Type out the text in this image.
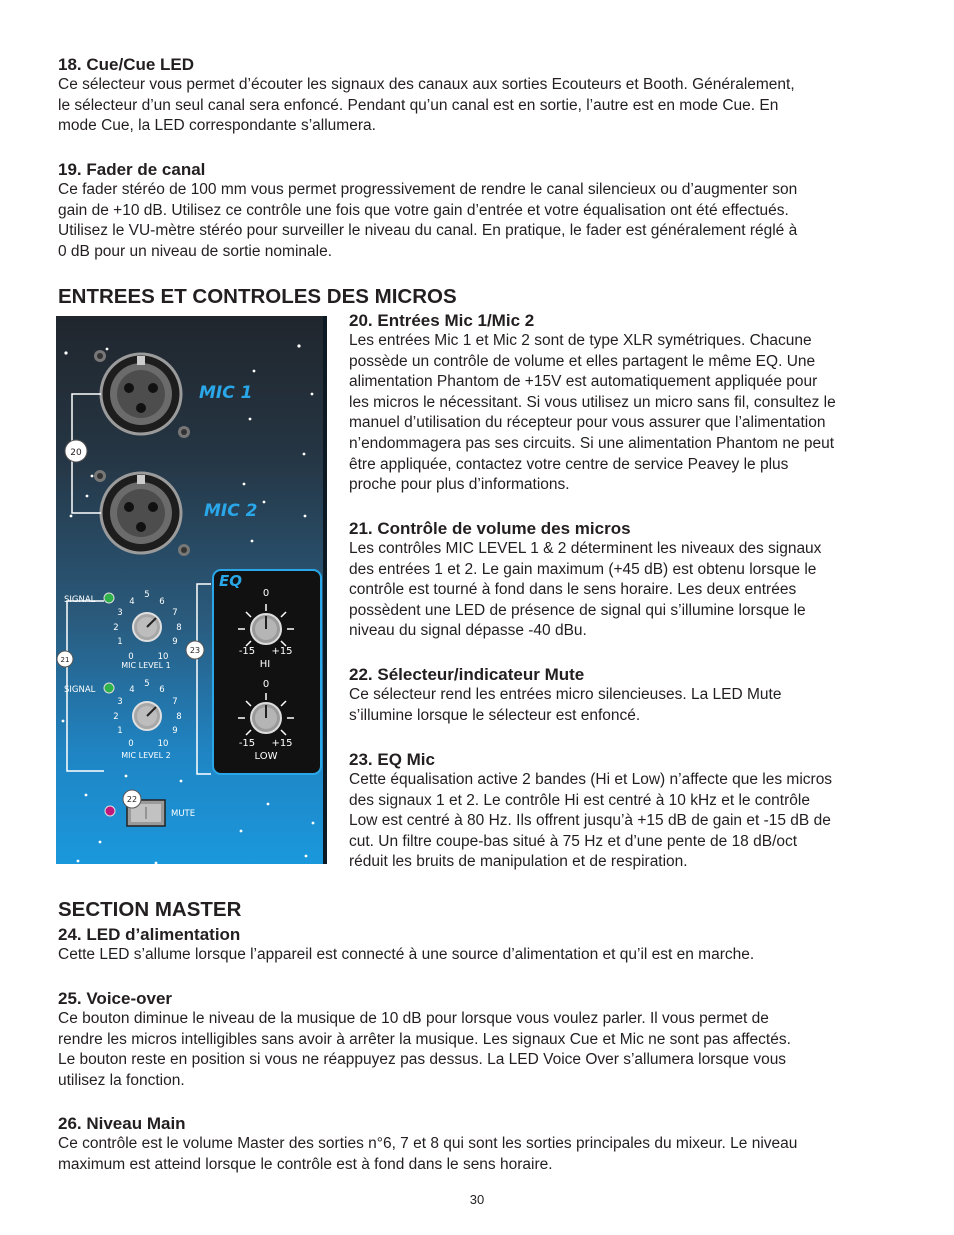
18. Cue/Cue LED

Ce sélecteur vous permet d’écouter les signaux des canaux aux sorties Ecouteurs et Booth. Généralement,

le sélecteur d’un seul canal sera enfoncé. Pendant qu’un canal est en sortie, l’autre est en mode Cue. En

mode Cue, la LED correspondante s’allumera.

19. Fader de canal

Ce fader stéréo de 100 mm vous permet progressivement de rendre le canal silencieux ou d’augmenter son

gain de +10 dB. Utilisez ce contrôle une fois que votre gain d’entrée et votre équalisation ont été effectués.

Utilisez le VU-mètre stéréo pour surveiller le niveau du canal. En pratique, le fader est généralement réglé à

0 dB pour un niveau de sortie nominale.

ENTREES ET CONTROLES DES MICROS
MIC 1
MIC 2
20
EQ
23
0
-15 +15
HI
0
-15 +15
LOW
21
SIGNAL
0
1
2
3
4
5
6
7
8
9
10
MIC LEVEL 1
SIGNAL
0
1
2
3
4
5
6
7
8
9
10
MIC LEVEL 2
22
MUTE
20. Entrées Mic 1/Mic 2

Les entrées Mic 1 et Mic 2 sont de type XLR symétriques. Chacune

possède un contrôle de volume et elles partagent le même EQ. Une

alimentation Phantom de +15V est automatiquement appliquée pour

les micros le nécessitant. Si vous utilisez un micro sans fil, consultez le

manuel d’utilisation du récepteur pour vous assurer que l’alimentation

n’endommagera pas ses circuits. Si une alimentation Phantom ne peut

être appliquée, contactez votre centre de service Peavey le plus

proche pour plus d’informations.

21. Contrôle de volume des micros

Les contrôles MIC LEVEL 1 & 2 déterminent les niveaux des signaux

des entrées 1 et 2. Le gain maximum (+45 dB) est obtenu lorsque le

contrôle est tourné à fond dans le sens horaire. Les deux entrées

possèdent une LED de présence de signal qui s’illumine lorsque le

niveau du signal dépasse -40 dBu.

22. Sélecteur/indicateur Mute

Ce sélecteur rend les entrées micro silencieuses. La LED Mute

s’illumine lorsque le sélecteur est enfoncé.

23. EQ Mic

Cette équalisation active 2 bandes (Hi et Low) n’affecte que les micros

des signaux 1 et 2. Le contrôle Hi est centré à 10 kHz et le contrôle

Low est centré à 80 Hz. Ils offrent jusqu’à +15 dB de gain et -15 dB de

cut. Un filtre coupe-bas situé à 75 Hz et d’une pente de 18 dB/oct

réduit les bruits de manipulation et de respiration.

SECTION MASTER
24. LED d’alimentation

Cette LED s’allume lorsque l’appareil est connecté à une source d’alimentation et qu’il est en marche.

25. Voice-over

Ce bouton diminue le niveau de la musique de 10 dB pour lorsque vous voulez parler. Il vous permet de

rendre les micros intelligibles sans avoir à arrêter la musique. Les signaux Cue et Mic ne sont pas affectés.

Le bouton reste en position si vous ne réappuyez pas dessus. La LED Voice Over s’allumera lorsque vous

utilisez la fonction.

26. Niveau Main

Ce contrôle est le volume Master des sorties n°6, 7 et 8 qui sont les sorties principales du mixeur. Le niveau

maximum est atteind lorsque le contrôle est à fond dans le sens horaire.

30
